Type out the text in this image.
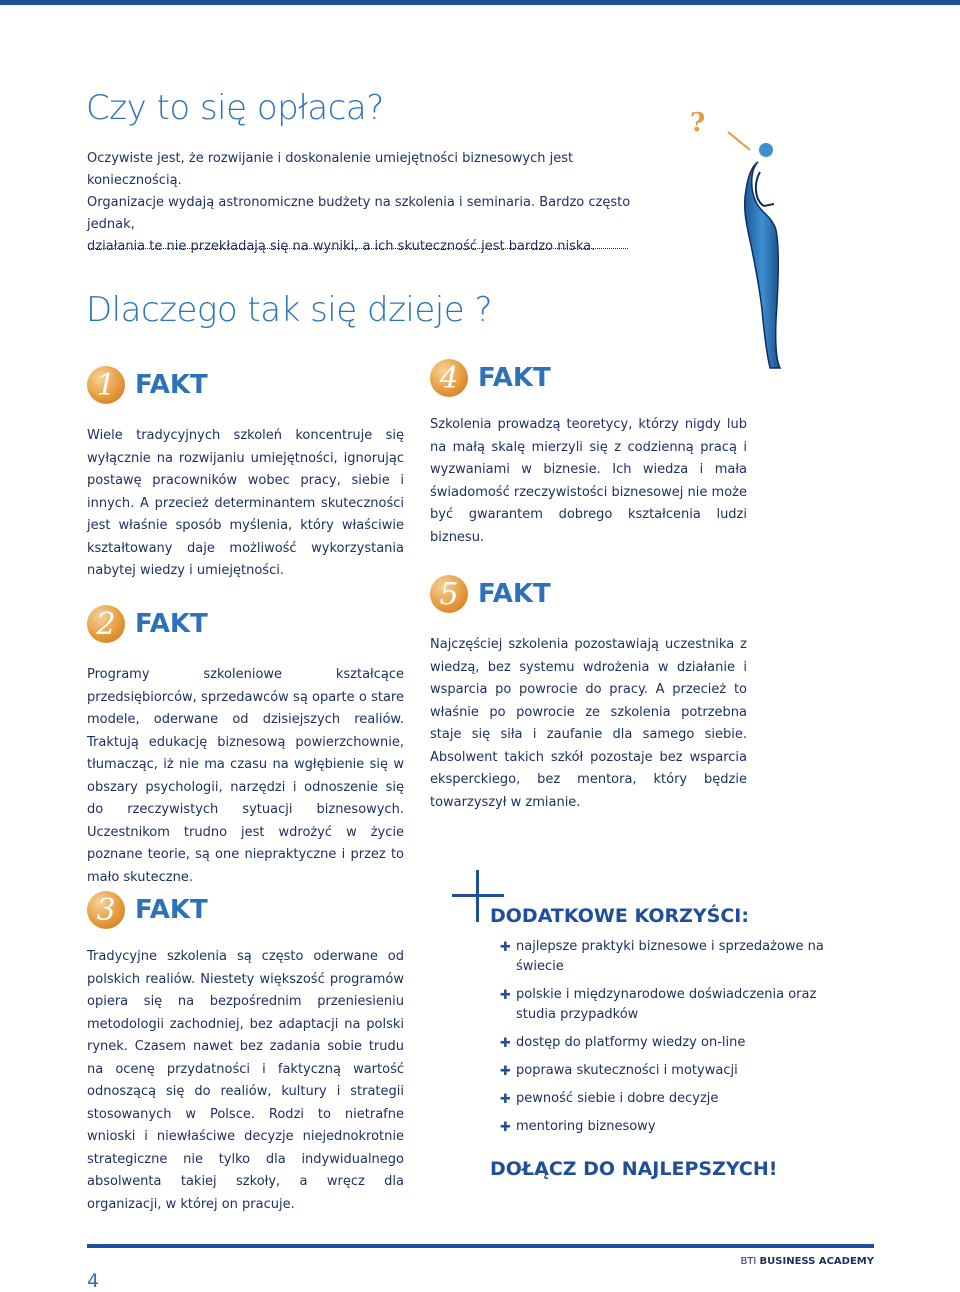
Czy to się opłaca?
Oczywiste jest, że rozwijanie i doskonalenie umiejętności biznesowych jest koniecznością.
Organizacje wydają astronomiczne budżety na szkolenia i seminaria. Bardzo często jednak,
działania te nie przekładają się na wyniki, a ich skuteczność jest bardzo niska.
?
Dlaczego tak się dzieje ?
1 FAKT
Wiele tradycyjnych szkoleń koncentruje się wyłącznie na rozwijaniu umiejętności, ignorując postawę pracowników wobec pracy, siebie i innych. A przecież determinantem skuteczności jest właśnie sposób myślenia, który właściwie kształtowany daje możliwość wykorzystania nabytej wiedzy i umiejętności.
2 FAKT
Programy szkoleniowe kształcące przedsiębiorców, sprzedawców są oparte o stare modele, oderwane od dzisiejszych realiów. Traktują edukację biznesową powierzchownie, tłumacząc, iż nie ma czasu na wgłębienie się w obszary psychologii, narzędzi i odnoszenie się do rzeczywistych sytuacji biznesowych. Uczestnikom trudno jest wdrożyć w życie poznane teorie, są one niepraktyczne i przez to mało skuteczne.
3 FAKT
Tradycyjne szkolenia są często oderwane od polskich realiów. Niestety większość programów opiera się na bezpośrednim przeniesieniu metodologii zachodniej, bez adaptacji na polski rynek. Czasem nawet bez zadania sobie trudu na ocenę przydatności i faktyczną wartość odnoszącą się do realiów, kultury i strategii stosowanych w Polsce. Rodzi to nietrafne wnioski i niewłaściwe decyzje niejednokrotnie strategiczne nie tylko dla indywidualnego absolwenta takiej szkoły, a wręcz dla organizacji, w której on pracuje.
4 FAKT
Szkolenia prowadzą teoretycy, którzy nigdy lub na małą skalę mierzyli się z codzienną pracą i wyzwaniami w biznesie. Ich wiedza i mała świadomość rzeczywistości biznesowej nie może być gwarantem dobrego kształcenia ludzi biznesu.
5 FAKT
Najczęściej szkolenia pozostawiają uczestnika z wiedzą, bez systemu wdrożenia w działanie i wsparcia po powrocie do pracy. A przecież to właśnie po powrocie ze szkolenia potrzebna staje się siła i zaufanie dla samego siebie. Absolwent takich szkół pozostaje bez wsparcia eksperckiego, bez mentora, który będzie towarzyszył w zmianie.
DODATKOWE KORZYŚCI:
✚ najlepsze praktyki biznesowe i sprzedażowe na świecie
✚ polskie i międzynarodowe doświadczenia oraz studia przypadków
✚ dostęp do platformy wiedzy on-line
✚ poprawa skuteczności i motywacji
✚ pewność siebie i dobre decyzje
✚ mentoring biznesowy
DOŁĄCZ DO NAJLEPSZYCH!
4
BTI BUSINESS ACADEMY
